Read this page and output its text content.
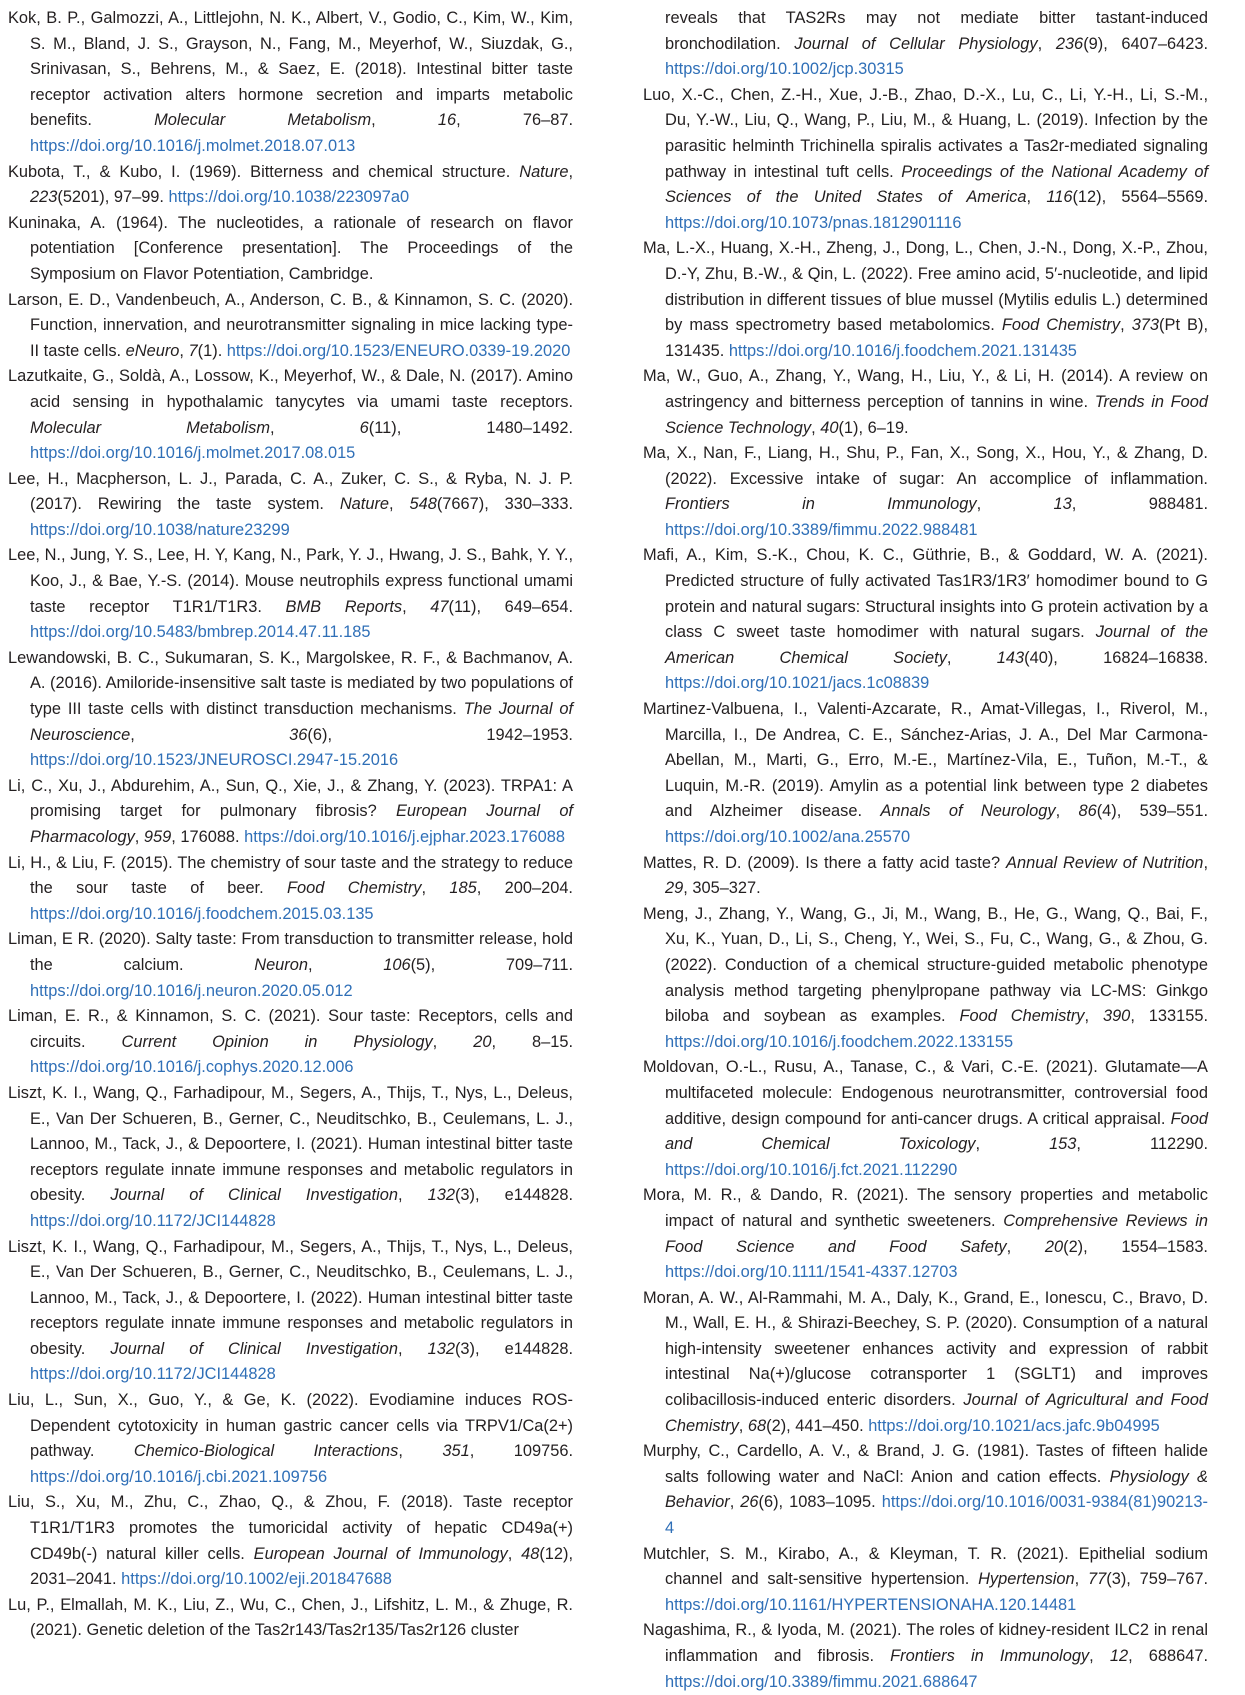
Kok, B. P., Galmozzi, A., Littlejohn, N. K., Albert, V., Godio, C., Kim, W., Kim, S. M., Bland, J. S., Grayson, N., Fang, M., Meyerhof, W., Siuzdak, G., Srinivasan, S., Behrens, M., & Saez, E. (2018). Intestinal bitter taste receptor activation alters hormone secretion and imparts metabolic benefits. Molecular Metabolism, 16, 76–87. https://doi.org/10.1016/j.molmet.2018.07.013

Kubota, T., & Kubo, I. (1969). Bitterness and chemical structure. Nature, 223(5201), 97–99. https://doi.org/10.1038/223097a0

Kuninaka, A. (1964). The nucleotides, a rationale of research on flavor potentiation [Conference presentation]. The Proceedings of the Symposium on Flavor Potentiation, Cambridge.

Larson, E. D., Vandenbeuch, A., Anderson, C. B., & Kinnamon, S. C. (2020). Function, innervation, and neurotransmitter signaling in mice lacking type-II taste cells. eNeuro, 7(1). https://doi.org/10.1523/ENEURO.0339-19.2020

Lazutkaite, G., Soldà, A., Lossow, K., Meyerhof, W., & Dale, N. (2017). Amino acid sensing in hypothalamic tanycytes via umami taste receptors. Molecular Metabolism, 6(11), 1480–1492. https://doi.org/10.1016/j.molmet.2017.08.015

Lee, H., Macpherson, L. J., Parada, C. A., Zuker, C. S., & Ryba, N. J. P. (2017). Rewiring the taste system. Nature, 548(7667), 330–333. https://doi.org/10.1038/nature23299

Lee, N., Jung, Y. S., Lee, H. Y, Kang, N., Park, Y. J., Hwang, J. S., Bahk, Y. Y., Koo, J., & Bae, Y.-S. (2014). Mouse neutrophils express functional umami taste receptor T1R1/T1R3. BMB Reports, 47(11), 649–654. https://doi.org/10.5483/bmbrep.2014.47.11.185

Lewandowski, B. C., Sukumaran, S. K., Margolskee, R. F., & Bachmanov, A. A. (2016). Amiloride-insensitive salt taste is mediated by two populations of type III taste cells with distinct transduction mechanisms. The Journal of Neuroscience, 36(6), 1942–1953. https://doi.org/10.1523/JNEUROSCI.2947-15.2016

Li, C., Xu, J., Abdurehim, A., Sun, Q., Xie, J., & Zhang, Y. (2023). TRPA1: A promising target for pulmonary fibrosis? European Journal of Pharmacology, 959, 176088. https://doi.org/10.1016/j.ejphar.2023.176088

Li, H., & Liu, F. (2015). The chemistry of sour taste and the strategy to reduce the sour taste of beer. Food Chemistry, 185, 200–204. https://doi.org/10.1016/j.foodchem.2015.03.135

Liman, E R. (2020). Salty taste: From transduction to transmitter release, hold the calcium. Neuron, 106(5), 709–711. https://doi.org/10.1016/j.neuron.2020.05.012

Liman, E. R., & Kinnamon, S. C. (2021). Sour taste: Receptors, cells and circuits. Current Opinion in Physiology, 20, 8–15. https://doi.org/10.1016/j.cophys.2020.12.006

Liszt, K. I., Wang, Q., Farhadipour, M., Segers, A., Thijs, T., Nys, L., Deleus, E., Van Der Schueren, B., Gerner, C., Neuditschko, B., Ceulemans, L. J., Lannoo, M., Tack, J., & Depoortere, I. (2021). Human intestinal bitter taste receptors regulate innate immune responses and metabolic regulators in obesity. Journal of Clinical Investigation, 132(3), e144828. https://doi.org/10.1172/JCI144828

Liszt, K. I., Wang, Q., Farhadipour, M., Segers, A., Thijs, T., Nys, L., Deleus, E., Van Der Schueren, B., Gerner, C., Neuditschko, B., Ceulemans, L. J., Lannoo, M., Tack, J., & Depoortere, I. (2022). Human intestinal bitter taste receptors regulate innate immune responses and metabolic regulators in obesity. Journal of Clinical Investigation, 132(3), e144828. https://doi.org/10.1172/JCI144828

Liu, L., Sun, X., Guo, Y., & Ge, K. (2022). Evodiamine induces ROS-Dependent cytotoxicity in human gastric cancer cells via TRPV1/Ca(2+) pathway. Chemico-Biological Interactions, 351, 109756. https://doi.org/10.1016/j.cbi.2021.109756

Liu, S., Xu, M., Zhu, C., Zhao, Q., & Zhou, F. (2018). Taste receptor T1R1/T1R3 promotes the tumoricidal activity of hepatic CD49a(+) CD49b(-) natural killer cells. European Journal of Immunology, 48(12), 2031–2041. https://doi.org/10.1002/eji.201847688

Lu, P., Elmallah, M. K., Liu, Z., Wu, C., Chen, J., Lifshitz, L. M., & Zhuge, R. (2021). Genetic deletion of the Tas2r143/Tas2r135/Tas2r126 cluster

reveals that TAS2Rs may not mediate bitter tastant-induced bronchodilation. Journal of Cellular Physiology, 236(9), 6407–6423. https://doi.org/10.1002/jcp.30315

Luo, X.-C., Chen, Z.-H., Xue, J.-B., Zhao, D.-X., Lu, C., Li, Y.-H., Li, S.-M., Du, Y.-W., Liu, Q., Wang, P., Liu, M., & Huang, L. (2019). Infection by the parasitic helminth Trichinella spiralis activates a Tas2r-mediated signaling pathway in intestinal tuft cells. Proceedings of the National Academy of Sciences of the United States of America, 116(12), 5564–5569. https://doi.org/10.1073/pnas.1812901116

Ma, L.-X., Huang, X.-H., Zheng, J., Dong, L., Chen, J.-N., Dong, X.-P., Zhou, D.-Y, Zhu, B.-W., & Qin, L. (2022). Free amino acid, 5′-nucleotide, and lipid distribution in different tissues of blue mussel (Mytilis edulis L.) determined by mass spectrometry based metabolomics. Food Chemistry, 373(Pt B), 131435. https://doi.org/10.1016/j.foodchem.2021.131435

Ma, W., Guo, A., Zhang, Y., Wang, H., Liu, Y., & Li, H. (2014). A review on astringency and bitterness perception of tannins in wine. Trends in Food Science Technology, 40(1), 6–19.

Ma, X., Nan, F., Liang, H., Shu, P., Fan, X., Song, X., Hou, Y., & Zhang, D. (2022). Excessive intake of sugar: An accomplice of inflammation. Frontiers in Immunology, 13, 988481. https://doi.org/10.3389/fimmu.2022.988481

Mafi, A., Kim, S.-K., Chou, K. C., Güthrie, B., & Goddard, W. A. (2021). Predicted structure of fully activated Tas1R3/1R3′ homodimer bound to G protein and natural sugars: Structural insights into G protein activation by a class C sweet taste homodimer with natural sugars. Journal of the American Chemical Society, 143(40), 16824–16838. https://doi.org/10.1021/jacs.1c08839

Martinez-Valbuena, I., Valenti-Azcarate, R., Amat-Villegas, I., Riverol, M., Marcilla, I., De Andrea, C. E., Sánchez-Arias, J. A., Del Mar Carmona-Abellan, M., Marti, G., Erro, M.-E., Martínez-Vila, E., Tuñon, M.-T., & Luquin, M.-R. (2019). Amylin as a potential link between type 2 diabetes and Alzheimer disease. Annals of Neurology, 86(4), 539–551. https://doi.org/10.1002/ana.25570

Mattes, R. D. (2009). Is there a fatty acid taste? Annual Review of Nutrition, 29, 305–327.

Meng, J., Zhang, Y., Wang, G., Ji, M., Wang, B., He, G., Wang, Q., Bai, F., Xu, K., Yuan, D., Li, S., Cheng, Y., Wei, S., Fu, C., Wang, G., & Zhou, G. (2022). Conduction of a chemical structure-guided metabolic phenotype analysis method targeting phenylpropane pathway via LC-MS: Ginkgo biloba and soybean as examples. Food Chemistry, 390, 133155. https://doi.org/10.1016/j.foodchem.2022.133155

Moldovan, O.-L., Rusu, A., Tanase, C., & Vari, C.-E. (2021). Glutamate—A multifaceted molecule: Endogenous neurotransmitter, controversial food additive, design compound for anti-cancer drugs. A critical appraisal. Food and Chemical Toxicology, 153, 112290. https://doi.org/10.1016/j.fct.2021.112290

Mora, M. R., & Dando, R. (2021). The sensory properties and metabolic impact of natural and synthetic sweeteners. Comprehensive Reviews in Food Science and Food Safety, 20(2), 1554–1583. https://doi.org/10.1111/1541-4337.12703

Moran, A. W., Al-Rammahi, M. A., Daly, K., Grand, E., Ionescu, C., Bravo, D. M., Wall, E. H., & Shirazi-Beechey, S. P. (2020). Consumption of a natural high-intensity sweetener enhances activity and expression of rabbit intestinal Na(+)/glucose cotransporter 1 (SGLT1) and improves colibacillosis-induced enteric disorders. Journal of Agricultural and Food Chemistry, 68(2), 441–450. https://doi.org/10.1021/acs.jafc.9b04995

Murphy, C., Cardello, A. V., & Brand, J. G. (1981). Tastes of fifteen halide salts following water and NaCl: Anion and cation effects. Physiology & Behavior, 26(6), 1083–1095. https://doi.org/10.1016/0031-9384(81)90213-4

Mutchler, S. M., Kirabo, A., & Kleyman, T. R. (2021). Epithelial sodium channel and salt-sensitive hypertension. Hypertension, 77(3), 759–767. https://doi.org/10.1161/HYPERTENSIONAHA.120.14481

Nagashima, R., & Iyoda, M. (2021). The roles of kidney-resident ILC2 in renal inflammation and fibrosis. Frontiers in Immunology, 12, 688647. https://doi.org/10.3389/fimmu.2021.688647
